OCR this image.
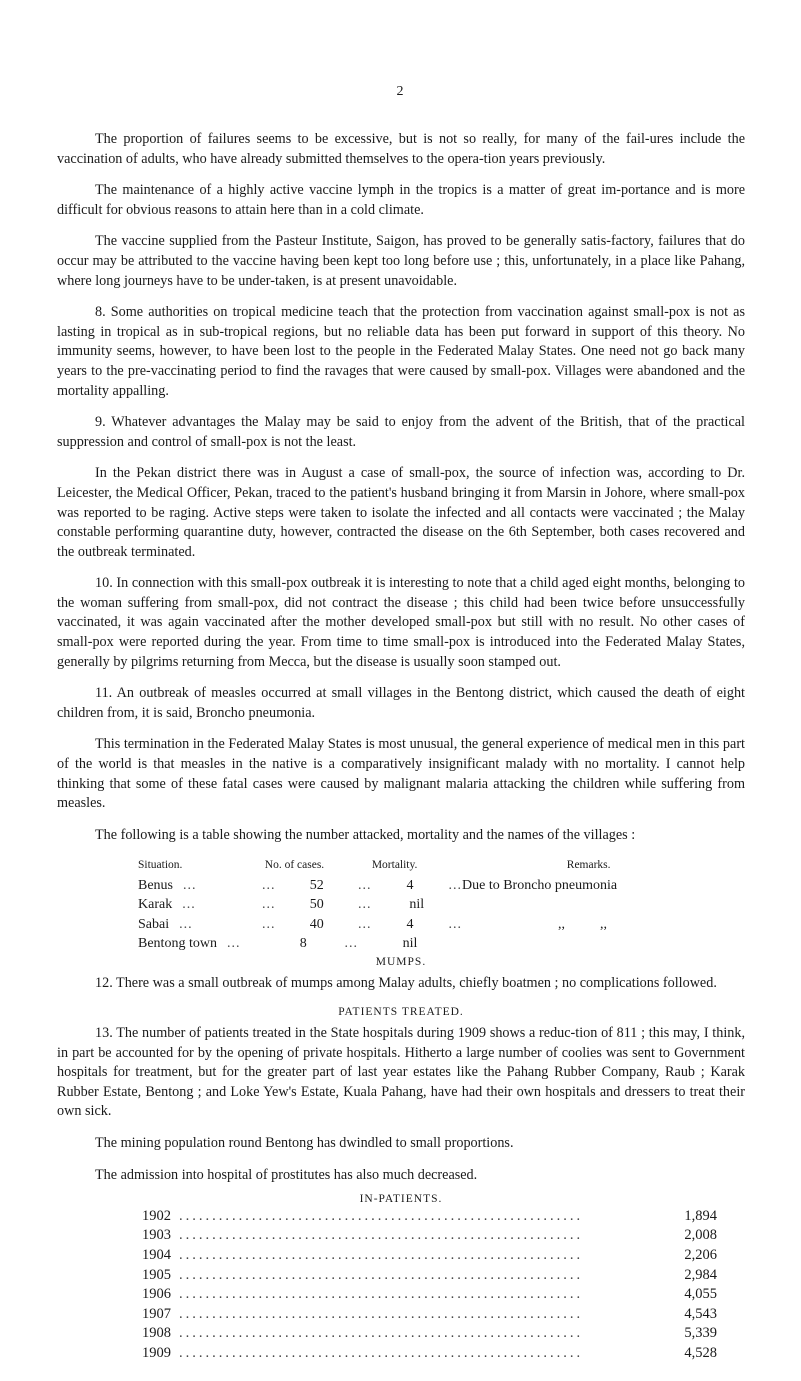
2

The proportion of failures seems to be excessive, but is not so really, for many of the fail-ures include the vaccination of adults, who have already submitted themselves to the opera-tion years previously.

The maintenance of a highly active vaccine lymph in the tropics is a matter of great im-portance and is more difficult for obvious reasons to attain here than in a cold climate.

The vaccine supplied from the Pasteur Institute, Saigon, has proved to be generally satis-factory, failures that do occur may be attributed to the vaccine having been kept too long before use ; this, unfortunately, in a place like Pahang, where long journeys have to be under-taken, is at present unavoidable.

8. Some authorities on tropical medicine teach that the protection from vaccination against small-pox is not as lasting in tropical as in sub-tropical regions, but no reliable data has been put forward in support of this theory. No immunity seems, however, to have been lost to the people in the Federated Malay States. One need not go back many years to the pre-vaccinating period to find the ravages that were caused by small-pox. Villages were abandoned and the mortality appalling.

9. Whatever advantages the Malay may be said to enjoy from the advent of the British, that of the practical suppression and control of small-pox is not the least.

In the Pekan district there was in August a case of small-pox, the source of infection was, according to Dr. Leicester, the Medical Officer, Pekan, traced to the patient's husband bringing it from Marsin in Johore, where small-pox was reported to be raging. Active steps were taken to isolate the infected and all contacts were vaccinated ; the Malay constable performing quarantine duty, however, contracted the disease on the 6th September, both cases recovered and the outbreak terminated.

10. In connection with this small-pox outbreak it is interesting to note that a child aged eight months, belonging to the woman suffering from small-pox, did not contract the disease ; this child had been twice before unsuccessfully vaccinated, it was again vaccinated after the mother developed small-pox but still with no result. No other cases of small-pox were reported during the year. From time to time small-pox is introduced into the Federated Malay States, generally by pilgrims returning from Mecca, but the disease is usually soon stamped out.

11. An outbreak of measles occurred at small villages in the Bentong district, which caused the death of eight children from, it is said, Broncho pneumonia.

This termination in the Federated Malay States is most unusual, the general experience of medical men in this part of the world is that measles in the native is a comparatively insignificant malady with no mortality. I cannot help thinking that some of these fatal cases were caused by malignant malaria attacking the children while suffering from measles.

The following is a table showing the number attacked, mortality and the names of the villages :

Situation.	No. of cases.	Mortality.	Remarks.
Benus ...	... 52 ...	4	... Due to Broncho pneumonia
Karak ...	... 50 ...	nil
Sabai ...	... 40 ...	4	...	,,          ,,
Bentong town ...	8	...	nil
MUMPS.

12. There was a small outbreak of mumps among Malay adults, chiefly boatmen ; no complications followed.

PATIENTS TREATED.

13. The number of patients treated in the State hospitals during 1909 shows a reduc-tion of 811 ; this may, I think, in part be accounted for by the opening of private hospitals. Hitherto a large number of coolies was sent to Government hospitals for treatment, but for the greater part of last year estates like the Pahang Rubber Company, Raub ; Karak Rubber Estate, Bentong ; and Loke Yew's Estate, Kuala Pahang, have had their own hospitals and dressers to treat their own sick.

The mining population round Bentong has dwindled to small proportions.

The admission into hospital of prostitutes has also much decreased.

IN-PATIENTS.
1902 .............................................................	1,894
1903 .............................................................	2,008
1904 .............................................................	2,206
1905 .............................................................	2,984
1906 .............................................................	4,055
1907 .............................................................	4,543
1908 .............................................................	5,339
1909 .............................................................	4,528
